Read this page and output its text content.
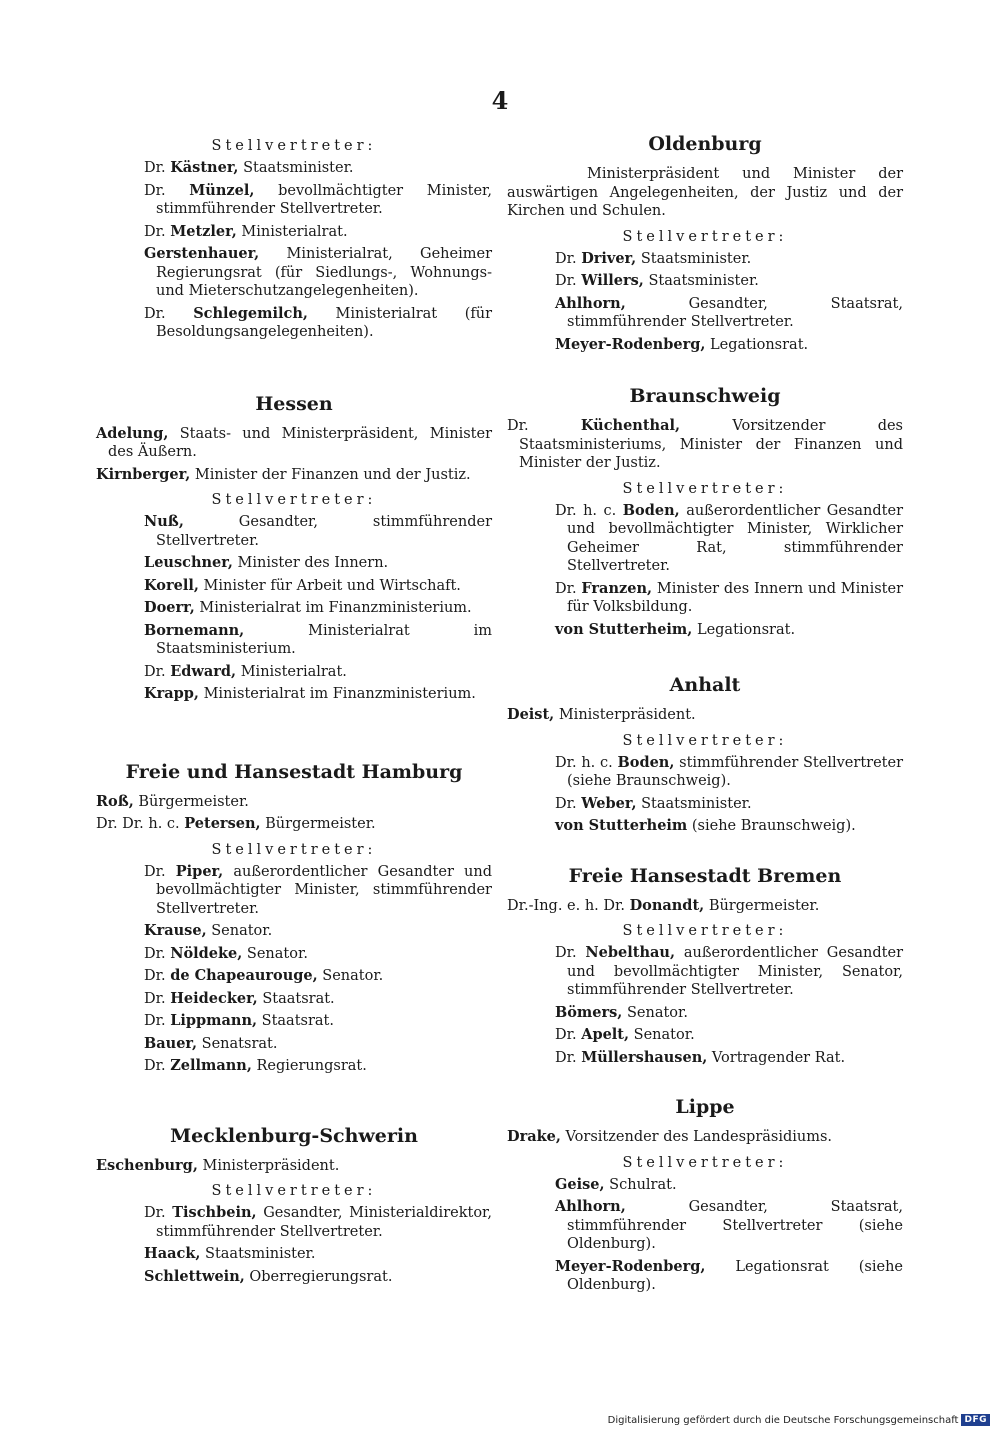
4
Stellvertreter:
Dr. Kästner, Staatsminister.
Dr. Münzel, bevollmächtigter Minister, stimmführender Stellvertreter.
Dr. Metzler, Ministerialrat.
Gerstenhauer, Ministerialrat, Geheimer Regierungsrat (für Siedlungs-, Wohnungs- und Mieterschutzangelegenheiten).
Dr. Schlegemilch, Ministerialrat (für Besoldungsangelegenheiten).
Hessen
Adelung, Staats- und Ministerpräsident, Minister des Äußern.
Kirnberger, Minister der Finanzen und der Justiz.
Stellvertreter:
Nuß,	Gesandter, stimmführender Stellvertreter.
Leuschner, Minister des Innern.
Korell, Minister für Arbeit und Wirtschaft.
Doerr, Ministerialrat im Finanzministerium.
Bornemann,	Ministerialrat im Staatsministerium.
Dr. Edward, Ministerialrat.
Krapp, Ministerialrat im Finanzministerium.
Freie und Hansestadt Hamburg
Roß, Bürgermeister.
Dr. Dr. h. c. Petersen, Bürgermeister.
Stellvertreter:
Dr. Piper, außerordentlicher Gesandter und bevollmächtigter Minister, stimmführender Stellvertreter.
Krause, Senator.
Dr. Nöldeke, Senator.
Dr. de Chapeaurouge, Senator.
Dr. Heidecker, Staatsrat.
Dr. Lippmann, Staatsrat.
Bauer, Senatsrat.
Dr. Zellmann, Regierungsrat.
Mecklenburg-Schwerin
Eschenburg, Ministerpräsident.
Stellvertreter:
Dr. Tischbein, Gesandter, Ministerialdirektor, stimmführender Stellvertreter.
Haack, Staatsminister.
Schlettwein, Oberregierungsrat.
Oldenburg
Ministerpräsident und Minister der auswärtigen Angelegenheiten, der Justiz und der Kirchen und Schulen.
Stellvertreter:
Dr. Driver, Staatsminister.
Dr. Willers, Staatsminister.
Ahlhorn,	Gesandter, Staatsrat, stimmführender Stellvertreter.
Meyer-Rodenberg, Legationsrat.
Braunschweig
Dr.	Küchenthal,	Vorsitzender des Staatsministeriums, Minister der Finanzen und Minister der Justiz.
Stellvertreter:
Dr. h. c. Boden, außerordentlicher Gesandter und bevollmächtigter Minister, Wirklicher Geheimer Rat, stimmführender Stellvertreter.
Dr. Franzen, Minister des Innern und Minister für Volksbildung.
von Stutterheim, Legationsrat.
Anhalt
Deist, Ministerpräsident.
Stellvertreter:
Dr. h. c. Boden, stimmführender Stellvertreter (siehe Braunschweig).
Dr. Weber, Staatsminister.
von Stutterheim (siehe Braunschweig).
Freie Hansestadt Bremen
Dr.-Ing. e. h. Dr. Donandt, Bürgermeister.
Stellvertreter:
Dr. Nebelthau, außerordentlicher Gesandter und bevollmächtigter Minister, Senator, stimmführender Stellvertreter.
Bömers, Senator.
Dr. Apelt, Senator.
Dr. Müllershausen, Vortragender Rat.
Lippe
Drake, Vorsitzender des Landespräsidiums.
Stellvertreter:
Geise, Schulrat.
Ahlhorn,	Gesandter, Staatsrat, stimmführender Stellvertreter (siehe Oldenburg).
Meyer-Rodenberg, Legationsrat (siehe Oldenburg).
Digitalisierung gefördert durch die Deutsche Forschungsgemeinschaft DFG
